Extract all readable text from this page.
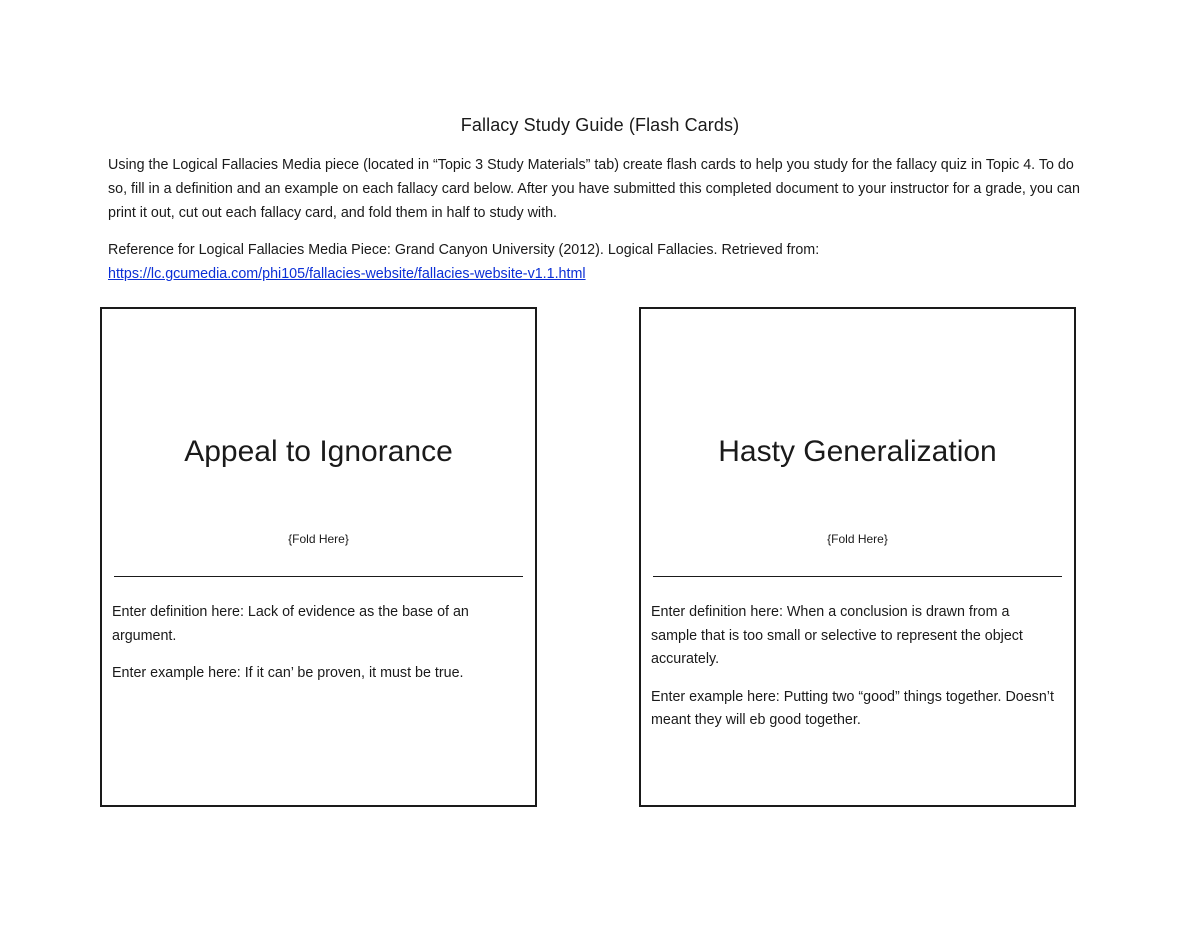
Fallacy Study Guide (Flash Cards)

Using the Logical Fallacies Media piece (located in “Topic 3 Study Materials” tab) create flash cards to help you study for the fallacy quiz in Topic 4. To do so, fill in a definition and an example on each fallacy card below. After you have submitted this completed document to your instructor for a grade, you can print it out, cut out each fallacy card, and fold them in half to study with.

Reference for Logical Fallacies Media Piece: Grand Canyon University (2012). Logical Fallacies. Retrieved from:
https://lc.gcumedia.com/phi105/fallacies-website/fallacies-website-v1.1.html

Appeal to Ignorance
{Fold Here}

Enter definition here: Lack of evidence as the base of an argument.

Enter example here: If it can’ be proven, it must be true.

Hasty Generalization
{Fold Here}

Enter definition here: When a conclusion is drawn from a sample that is too small or selective to represent the object accurately.

Enter example here: Putting two “good” things together. Doesn’t meant they will eb good together.
